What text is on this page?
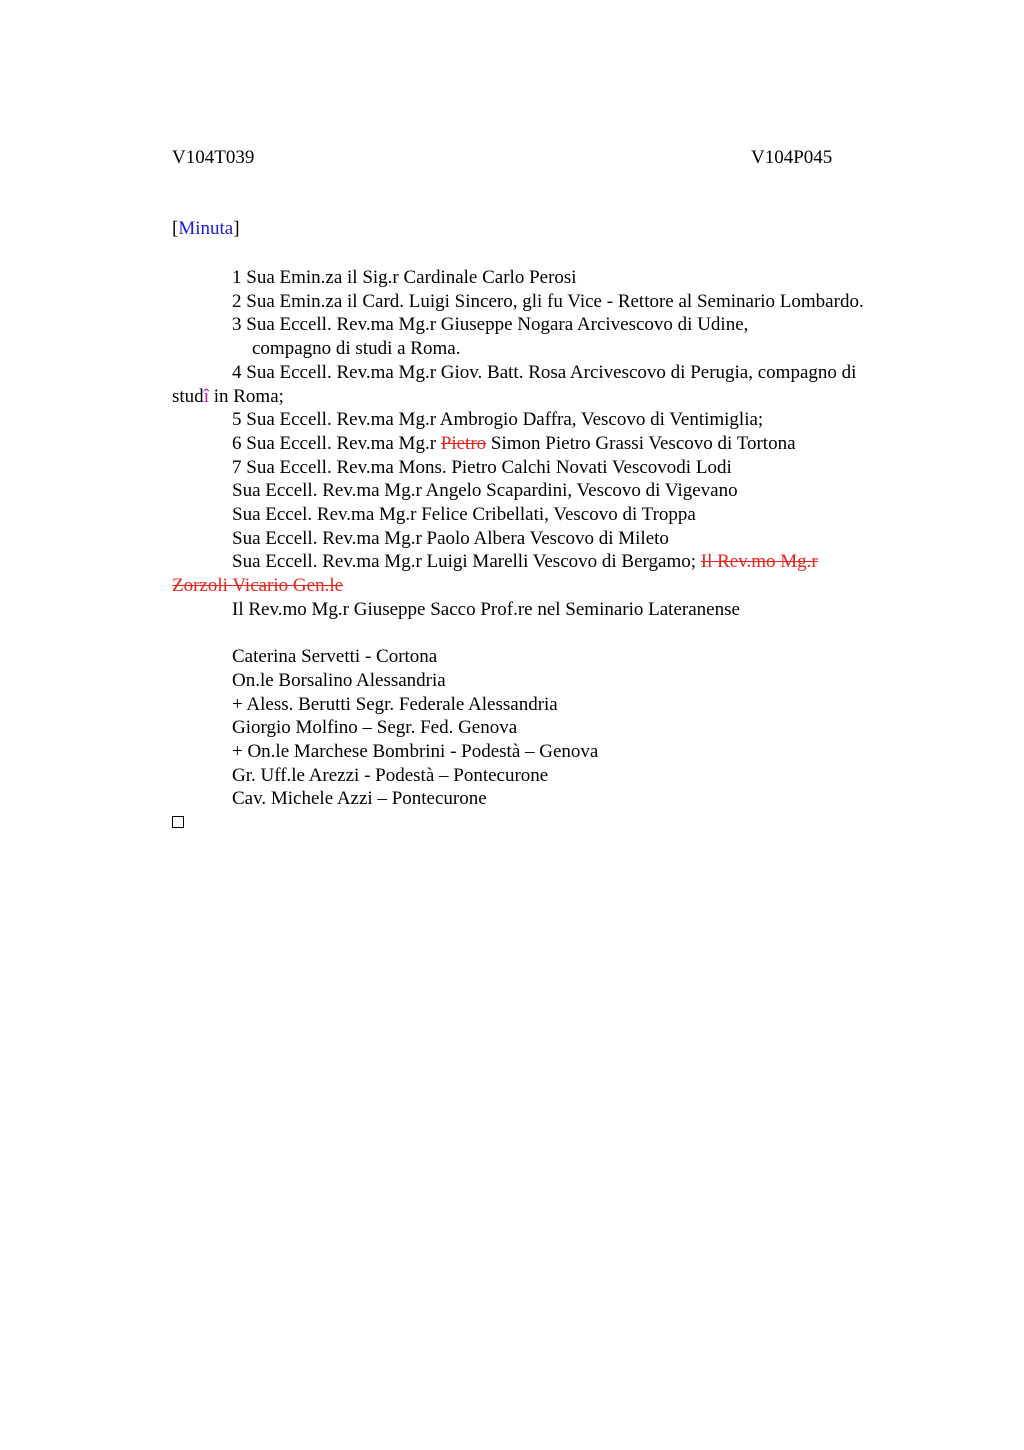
V104T039	V104P045
[Minuta]
1 Sua Emin.za il Sig.r Cardinale Carlo Perosi
2 Sua Emin.za il Card. Luigi Sincero, gli fu Vice - Rettore al Seminario Lombardo.
3 Sua Eccell. Rev.ma Mg.r Giuseppe Nogara Arcivescovo di Udine,
compagno di studi a Roma.
4 Sua Eccell. Rev.ma Mg.r Giov. Batt. Rosa Arcivescovo di Perugia, compagno di
studî in Roma;
5 Sua Eccell. Rev.ma Mg.r Ambrogio Daffra, Vescovo di Ventimiglia;
6 Sua Eccell. Rev.ma Mg.r Pietro Simon Pietro Grassi Vescovo di Tortona
7 Sua Eccell. Rev.ma Mons. Pietro Calchi Novati Vescovodi Lodi
Sua Eccell. Rev.ma Mg.r Angelo Scapardini, Vescovo di Vigevano
Sua Eccel. Rev.ma Mg.r Felice Cribellati, Vescovo di Troppa
Sua Eccell. Rev.ma Mg.r Paolo Albera Vescovo di Mileto
Sua Eccell. Rev.ma Mg.r Luigi Marelli Vescovo di Bergamo; Il Rev.mo Mg.r
Zorzoli Vicario Gen.le
Il Rev.mo Mg.r Giuseppe Sacco Prof.re nel Seminario Lateranense
Caterina Servetti - Cortona
On.le Borsalino Alessandria
+ Aless. Berutti Segr. Federale Alessandria
Giorgio Molfino – Segr. Fed. Genova
+ On.le Marchese Bombrini - Podestà – Genova
Gr. Uff.le Arezzi - Podestà – Pontecurone
Cav. Michele Azzi – Pontecurone
